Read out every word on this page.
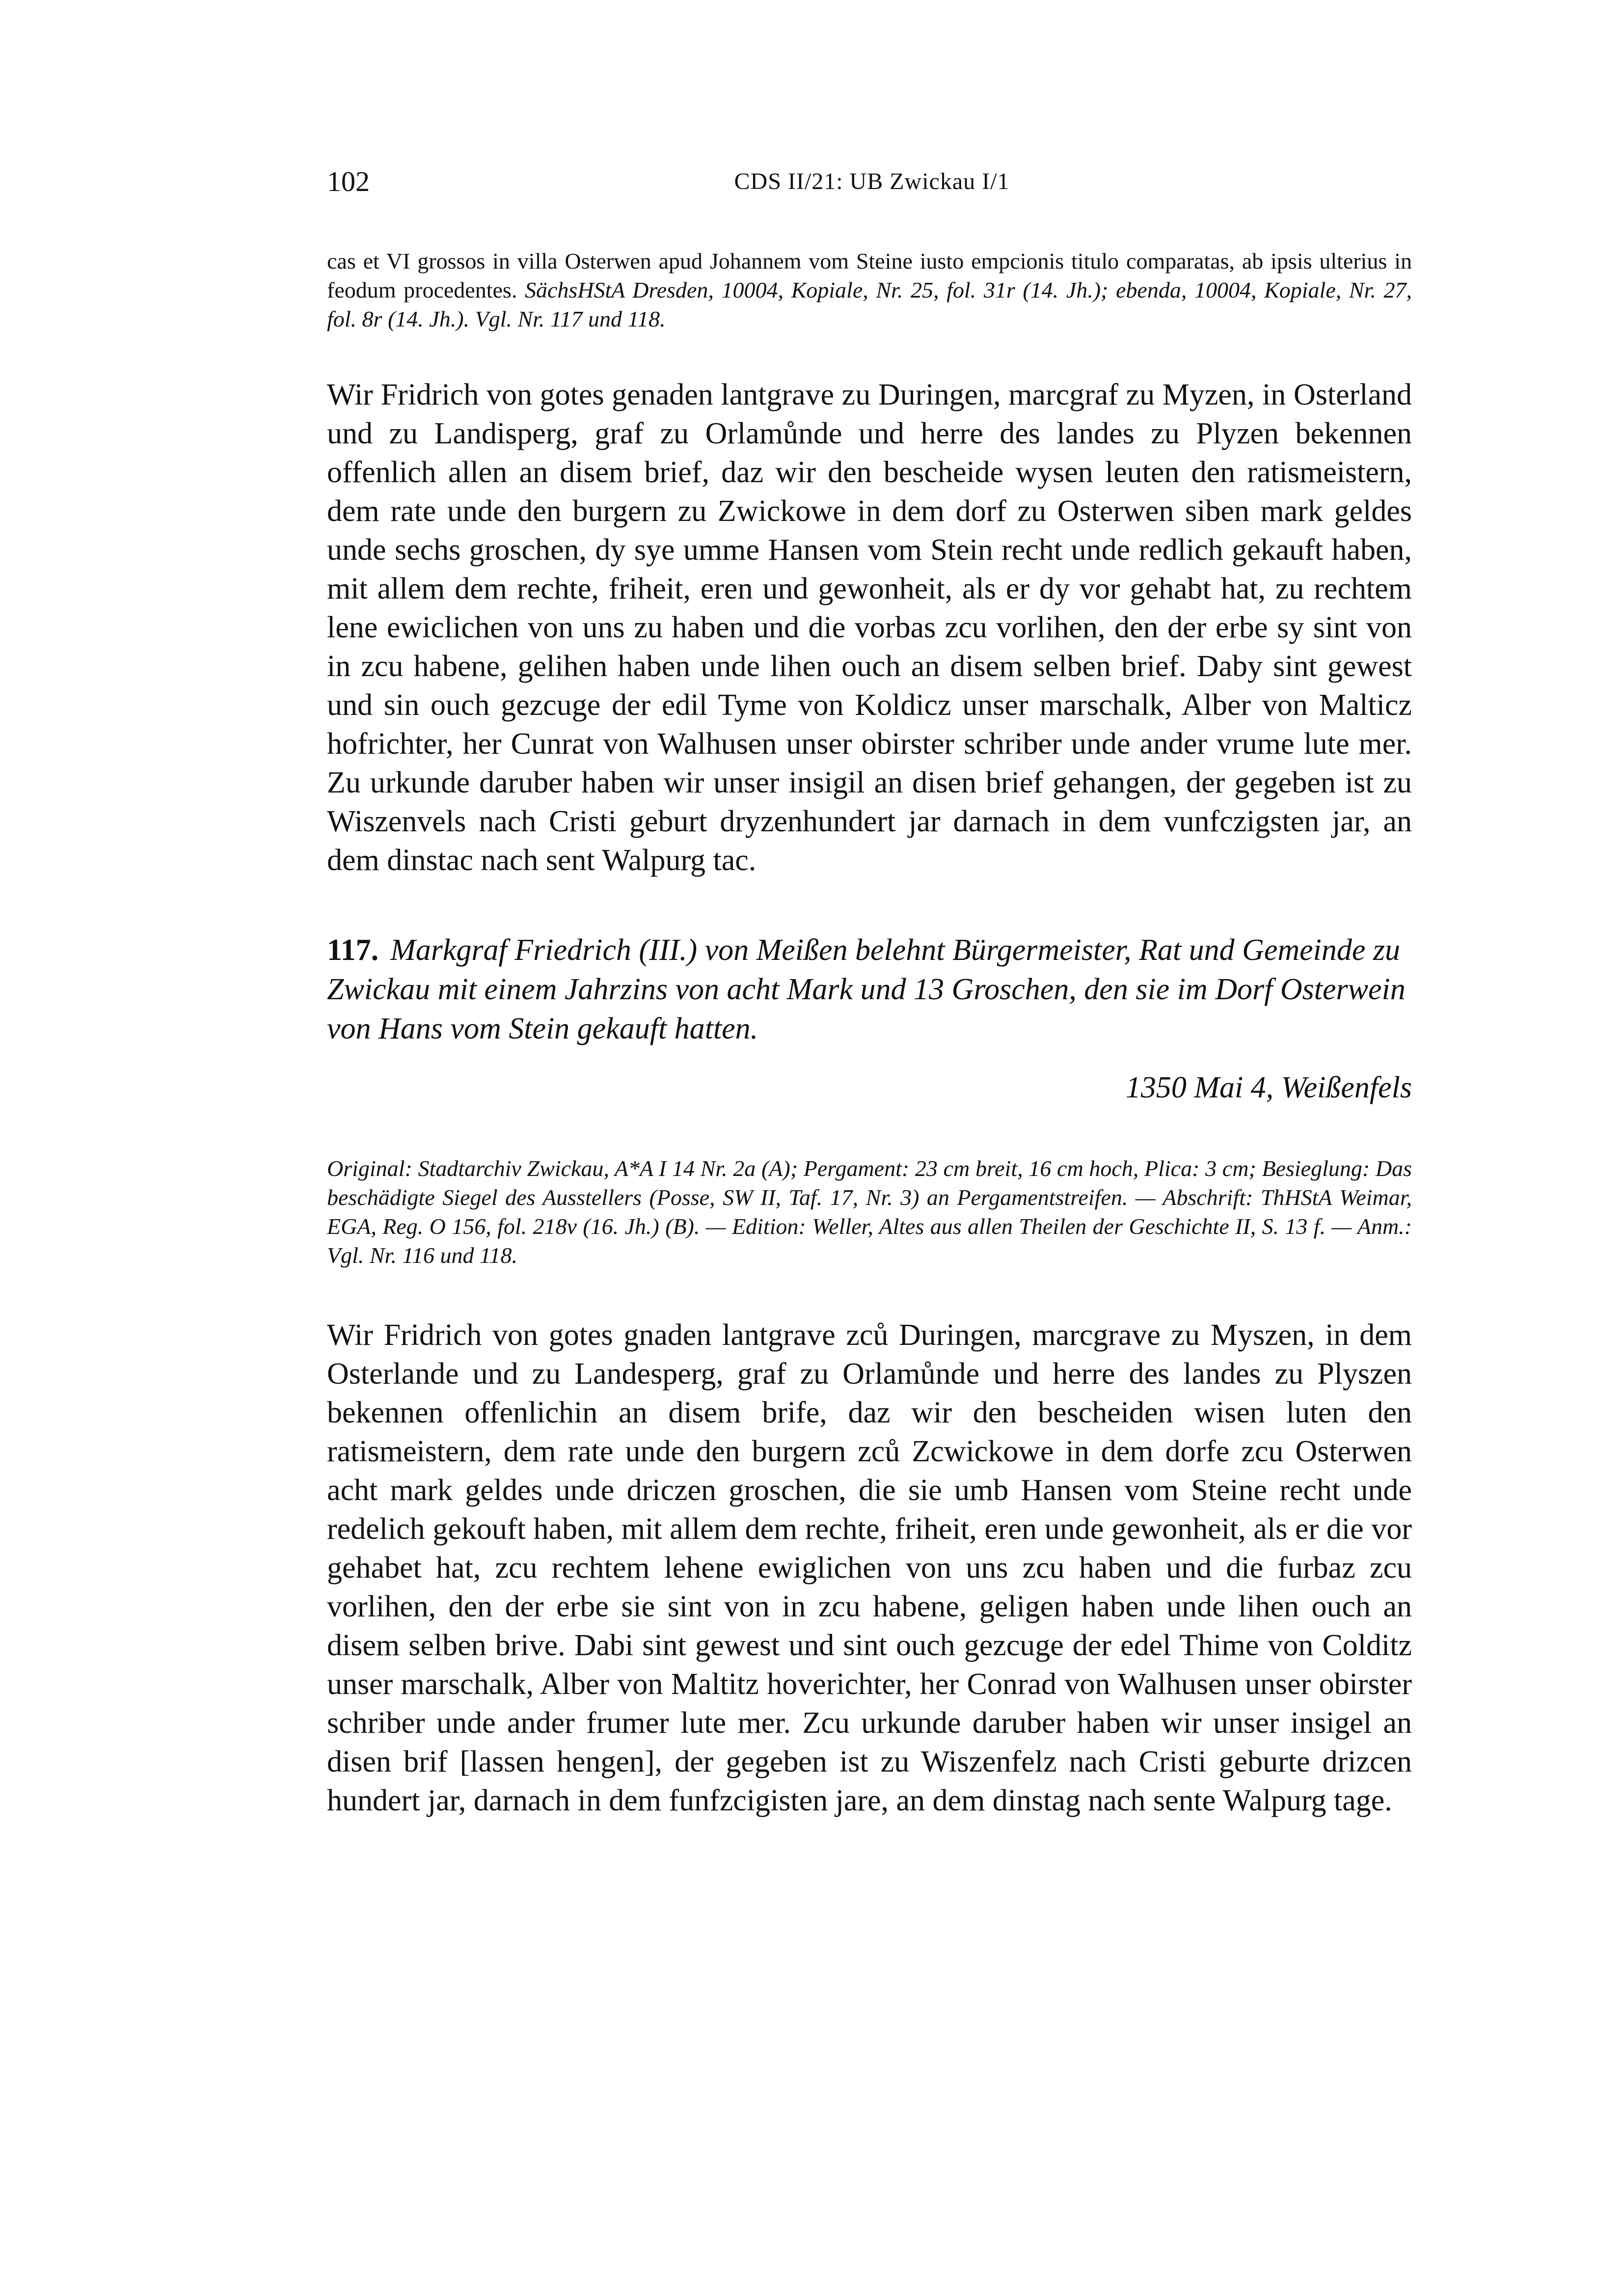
102	CDS II/21: UB Zwickau I/1
cas et VI grossos in villa Osterwen apud Johannem vom Steine iusto empcionis titulo comparatas, ab ipsis ulterius in feodum procedentes. SächsHStA Dresden, 10004, Kopiale, Nr. 25, fol. 31r (14. Jh.); ebenda, 10004, Kopiale, Nr. 27, fol. 8r (14. Jh.). Vgl. Nr. 117 und 118.
Wir Fridrich von gotes genaden lantgrave zu Duringen, marcgraf zu Myzen, in Osterland und zu Landisperg, graf zu Orlamůnde und herre des landes zu Plyzen bekennen offenlich allen an disem brief, daz wir den bescheide wysen leuten den ratismeistern, dem rate unde den burgern zu Zwickowe in dem dorf zu Osterwen siben mark geldes unde sechs groschen, dy sye umme Hansen vom Stein recht unde redlich gekauft haben, mit allem dem rechte, friheit, eren und gewonheit, als er dy vor gehabt hat, zu rechtem lene ewiclichen von uns zu haben und die vorbas zcu vorlihen, den der erbe sy sint von in zcu habene, gelihen haben unde lihen ouch an disem selben brief. Daby sint gewest und sin ouch gezcuge der edil Tyme von Koldicz unser marschalk, Alber von Malticz hofrichter, her Cunrat von Walhusen unser obirster schriber unde ander vrume lute mer. Zu urkunde daruber haben wir unser insigil an disen brief gehangen, der gegeben ist zu Wiszenvels nach Cristi geburt dryzenhundert jar darnach in dem vunfczigsten jar, an dem dinstac nach sent Walpurg tac.
117. Markgraf Friedrich (III.) von Meißen belehnt Bürgermeister, Rat und Gemeinde zu Zwickau mit einem Jahrzins von acht Mark und 13 Groschen, den sie im Dorf Osterwein von Hans vom Stein gekauft hatten.
1350 Mai 4, Weißenfels
Original: Stadtarchiv Zwickau, A*A I 14 Nr. 2a (A); Pergament: 23 cm breit, 16 cm hoch, Plica: 3 cm; Besieglung: Das beschädigte Siegel des Ausstellers (Posse, SW II, Taf. 17, Nr. 3) an Pergamentstreifen. — Abschrift: ThHStA Weimar, EGA, Reg. O 156, fol. 218v (16. Jh.) (B). — Edition: Weller, Altes aus allen Theilen der Geschichte II, S. 13 f. — Anm.: Vgl. Nr. 116 und 118.
Wir Fridrich von gotes gnaden lantgrave zců Duringen, marcgrave zu Myszen, in dem Osterlande und zu Landesperg, graf zu Orlamůnde und herre des landes zu Plyszen bekennen offenlichin an disem brife, daz wir den bescheiden wisen luten den ratismeistern, dem rate unde den burgern zců Zcwickowe in dem dorfe zcu Osterwen acht mark geldes unde driczen groschen, die sie umb Hansen vom Steine recht unde redelich gekouft haben, mit allem dem rechte, friheit, eren unde gewonheit, als er die vor gehabet hat, zcu rechtem lehene ewiglichen von uns zcu haben und die furbaz zcu vorlihen, den der erbe sie sint von in zcu habene, geligen haben unde lihen ouch an disem selben brive. Dabi sint gewest und sint ouch gezcuge der edel Thime von Colditz unser marschalk, Alber von Maltitz hoverichter, her Conrad von Walhusen unser obirster schriber unde ander frumer lute mer. Zcu urkunde daruber haben wir unser insigel an disen brif [lassen hengen], der gegeben ist zu Wiszenfelz nach Cristi geburte drizcen hundert jar, darnach in dem funfzcigisten jare, an dem dinstag nach sente Walpurg tage.
